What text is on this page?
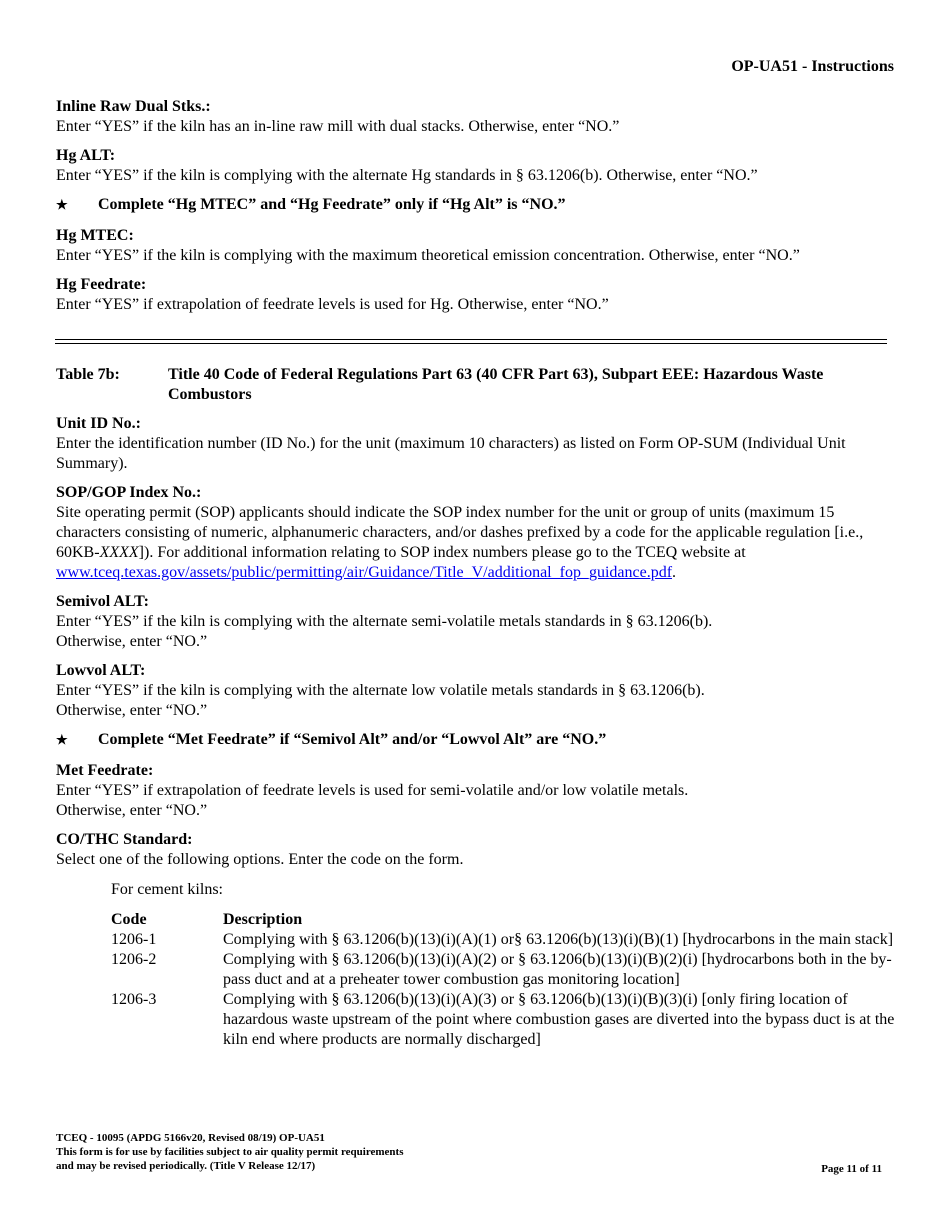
OP-UA51 - Instructions
Inline Raw Dual Stks.:
Enter “YES” if the kiln has an in-line raw mill with dual stacks. Otherwise, enter “NO.”
Hg ALT:
Enter “YES” if the kiln is complying with the alternate Hg standards in § 63.1206(b). Otherwise, enter “NO.”
★	Complete “Hg MTEC” and “Hg Feedrate” only if “Hg Alt” is “NO.”
Hg MTEC:
Enter “YES” if the kiln is complying with the maximum theoretical emission concentration. Otherwise, enter “NO.”
Hg Feedrate:
Enter “YES” if extrapolation of feedrate levels is used for Hg. Otherwise, enter “NO.”
Table 7b:	Title 40 Code of Federal Regulations Part 63 (40 CFR Part 63), Subpart EEE: Hazardous Waste Combustors
Unit ID No.:
Enter the identification number (ID No.) for the unit (maximum 10 characters) as listed on Form OP-SUM (Individual Unit Summary).
SOP/GOP Index No.:
Site operating permit (SOP) applicants should indicate the SOP index number for the unit or group of units (maximum 15 characters consisting of numeric, alphanumeric characters, and/or dashes prefixed by a code for the applicable regulation [i.e., 60KB-XXXX]). For additional information relating to SOP index numbers please go to the TCEQ website at www.tceq.texas.gov/assets/public/permitting/air/Guidance/Title_V/additional_fop_guidance.pdf.
Semivol ALT:
Enter “YES” if the kiln is complying with the alternate semi-volatile metals standards in § 63.1206(b).
Otherwise, enter “NO.”
Lowvol ALT:
Enter “YES” if the kiln is complying with the alternate low volatile metals standards in § 63.1206(b).
Otherwise, enter “NO.”
★	Complete “Met Feedrate” if “Semivol Alt” and/or “Lowvol Alt” are “NO.”
Met Feedrate:
Enter “YES” if extrapolation of feedrate levels is used for semi-volatile and/or low volatile metals.
Otherwise, enter “NO.”
CO/THC Standard:
Select one of the following options. Enter the code on the form.
For cement kilns:
Code	Description
1206-1	Complying with § 63.1206(b)(13)(i)(A)(1) or§ 63.1206(b)(13)(i)(B)(1) [hydrocarbons in the main stack]
1206-2	Complying with § 63.1206(b)(13)(i)(A)(2) or § 63.1206(b)(13)(i)(B)(2)(i) [hydrocarbons both in the by-pass duct and at a preheater tower combustion gas monitoring location]
1206-3	Complying with § 63.1206(b)(13)(i)(A)(3) or § 63.1206(b)(13)(i)(B)(3)(i) [only firing location of hazardous waste upstream of the point where combustion gases are diverted into the bypass duct is at the kiln end where products are normally discharged]
TCEQ - 10095 (APDG 5166v20, Revised 08/19) OP-UA51
This form is for use by facilities subject to air quality permit requirements
and may be revised periodically. (Title V Release 12/17)	Page 11 of 11
